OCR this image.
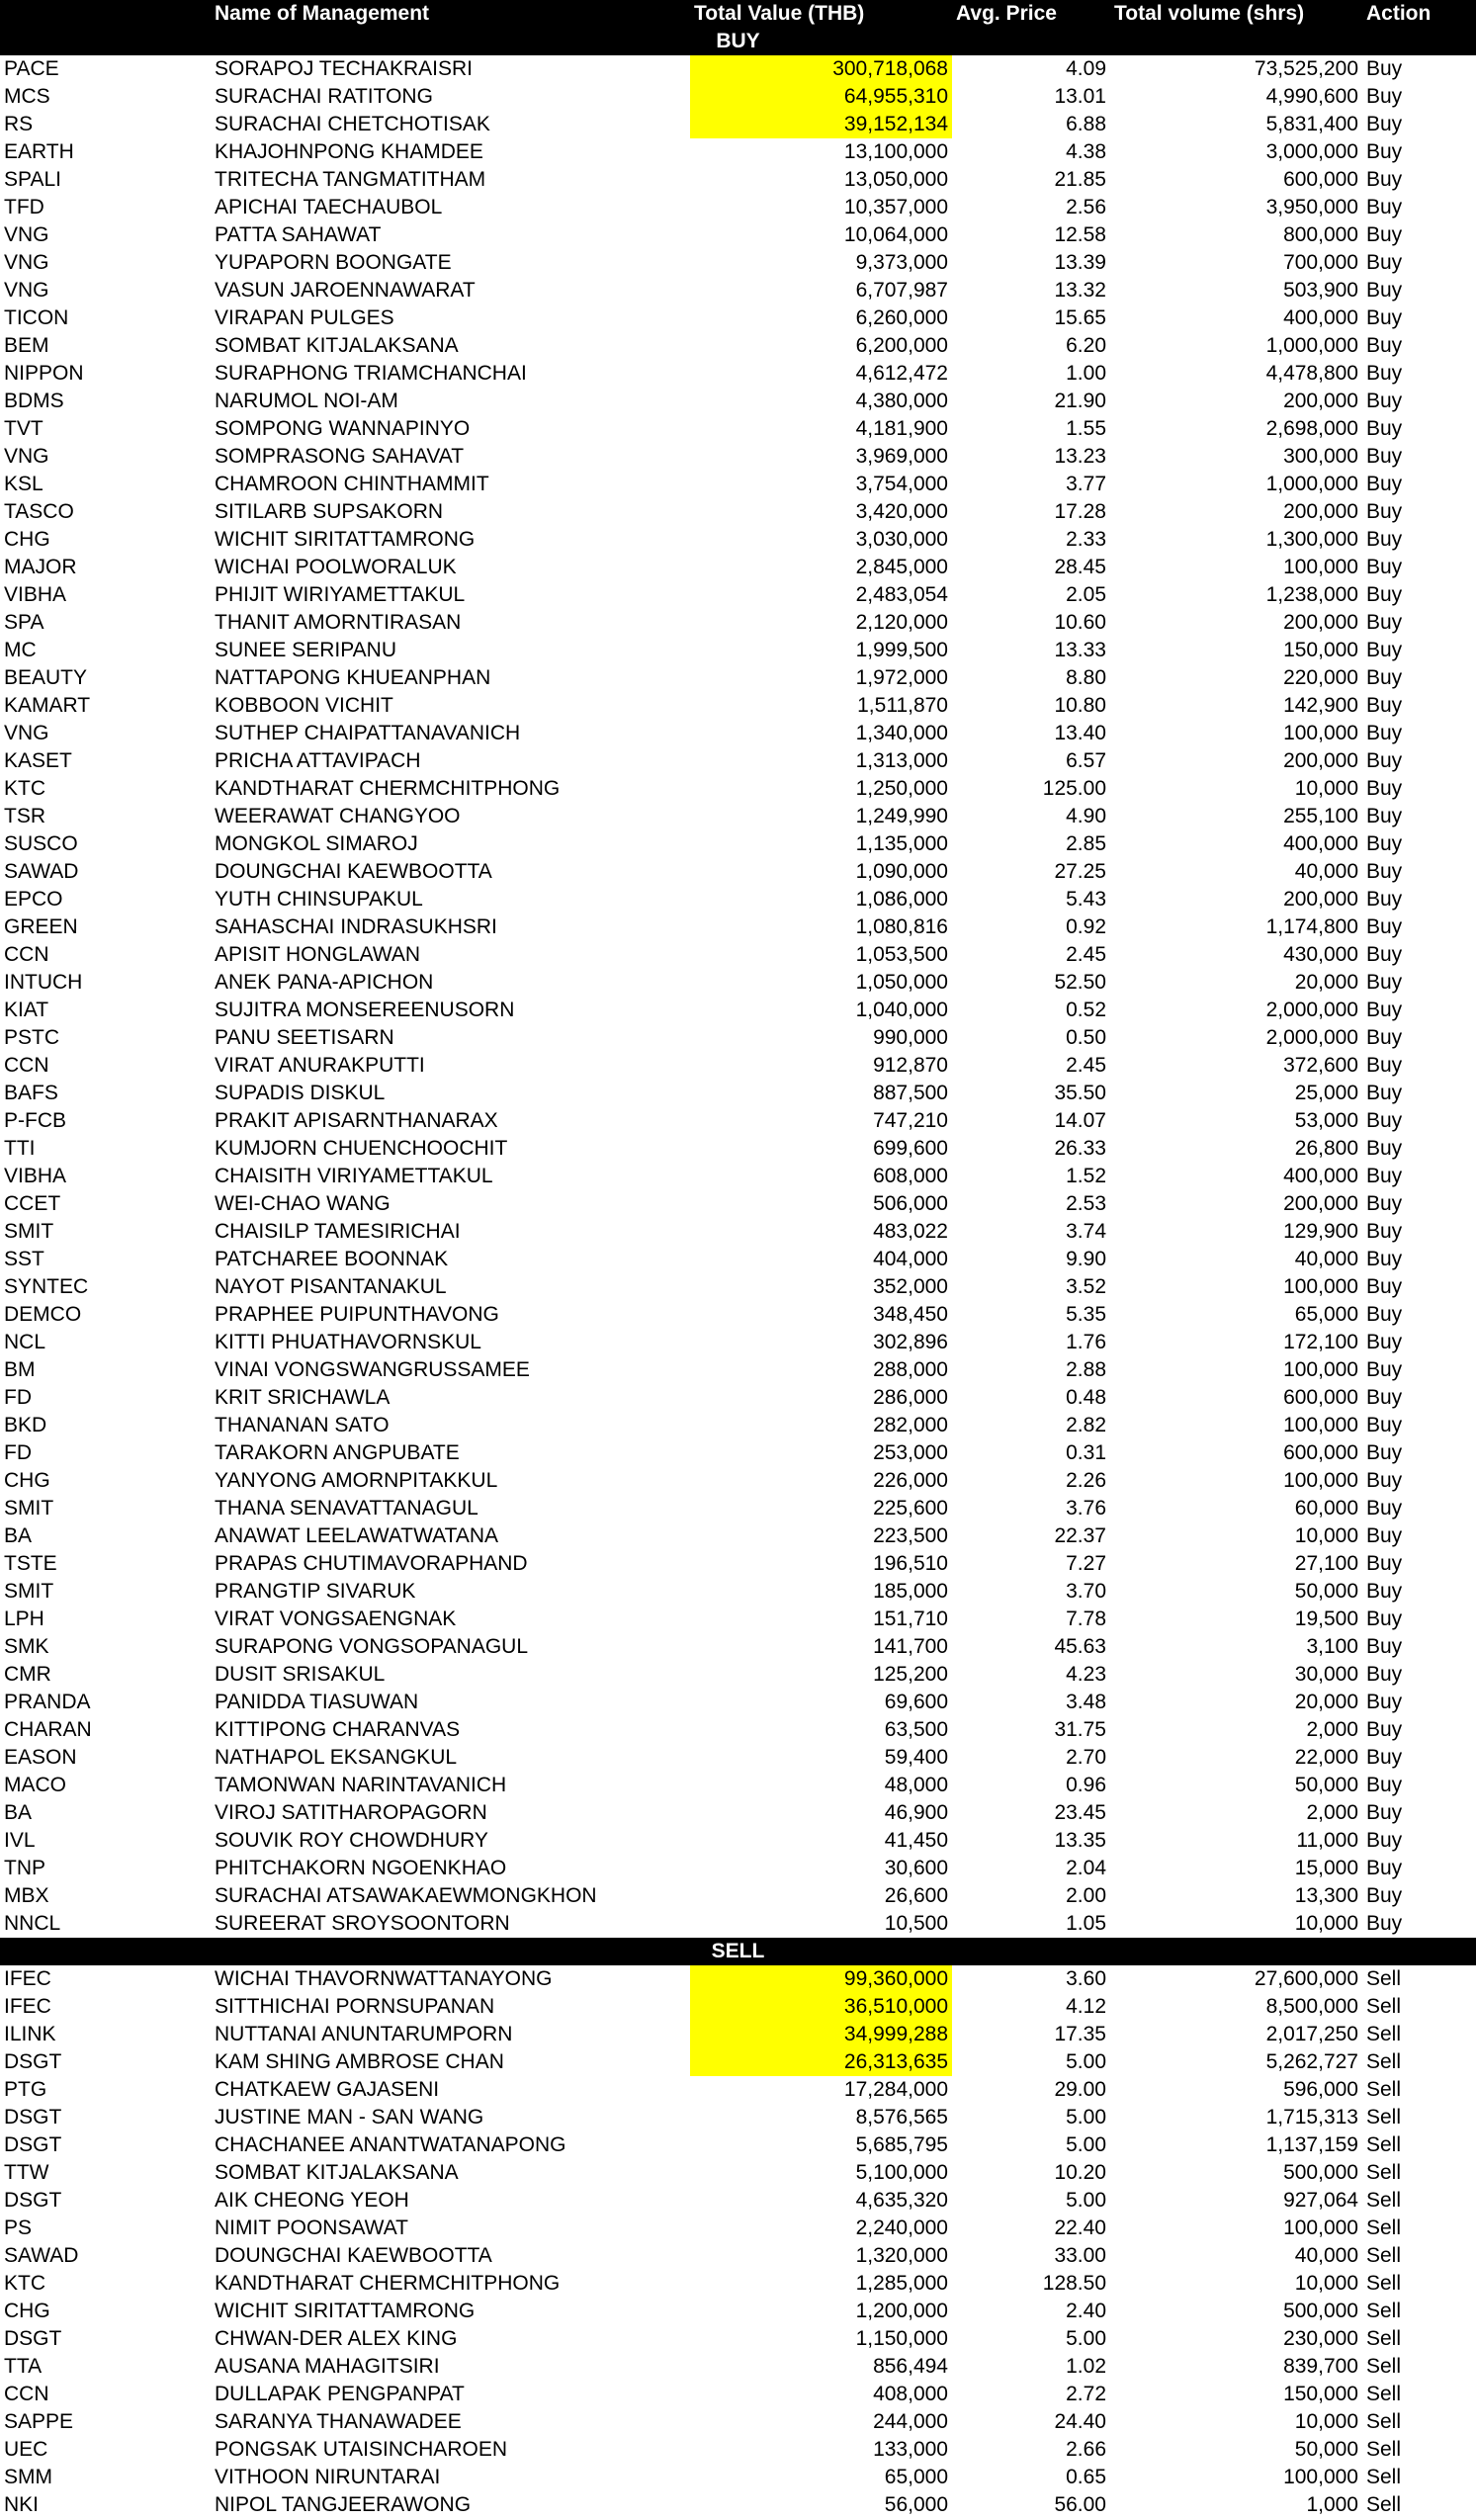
	Name of Management	Total Value (THB)	Avg. Price	Total volume (shrs)	Action
BUY					
PACE	SORAPOJ TECHAKRAISRI	300,718,068	4.09	73,525,200	Buy
MCS	SURACHAI RATITONG	64,955,310	13.01	4,990,600	Buy
RS	SURACHAI CHETCHOTISAK	39,152,134	6.88	5,831,400	Buy
EARTH	KHAJOHNPONG KHAMDEE	13,100,000	4.38	3,000,000	Buy
SPALI	TRITECHA TANGMATITHAM	13,050,000	21.85	600,000	Buy
TFD	APICHAI TAECHAUBOL	10,357,000	2.56	3,950,000	Buy
VNG	PATTA SAHAWAT	10,064,000	12.58	800,000	Buy
VNG	YUPAPORN BOONGATE	9,373,000	13.39	700,000	Buy
VNG	VASUN JAROENNAWARAT	6,707,987	13.32	503,900	Buy
TICON	VIRAPAN PULGES	6,260,000	15.65	400,000	Buy
BEM	SOMBAT KITJALAKSANA	6,200,000	6.20	1,000,000	Buy
NIPPON	SURAPHONG TRIAMCHANCHAI	4,612,472	1.00	4,478,800	Buy
BDMS	NARUMOL NOI-AM	4,380,000	21.90	200,000	Buy
TVT	SOMPONG WANNAPINYO	4,181,900	1.55	2,698,000	Buy
VNG	SOMPRASONG SAHAVAT	3,969,000	13.23	300,000	Buy
KSL	CHAMROON CHINTHAMMIT	3,754,000	3.77	1,000,000	Buy
TASCO	SITILARB SUPSAKORN	3,420,000	17.28	200,000	Buy
CHG	WICHIT SIRITATTAMRONG	3,030,000	2.33	1,300,000	Buy
MAJOR	WICHAI POOLWORALUK	2,845,000	28.45	100,000	Buy
VIBHA	PHIJIT WIRIYAMETTAKUL	2,483,054	2.05	1,238,000	Buy
SPA	THANIT AMORNTIRASAN	2,120,000	10.60	200,000	Buy
MC	SUNEE SERIPANU	1,999,500	13.33	150,000	Buy
BEAUTY	NATTAPONG KHUEANPHAN	1,972,000	8.80	220,000	Buy
KAMART	KOBBOON VICHIT	1,511,870	10.80	142,900	Buy
VNG	SUTHEP CHAIPATTANAVANICH	1,340,000	13.40	100,000	Buy
KASET	PRICHA ATTAVIPACH	1,313,000	6.57	200,000	Buy
KTC	KANDTHARAT CHERMCHITPHONG	1,250,000	125.00	10,000	Buy
TSR	WEERAWAT CHANGYOO	1,249,990	4.90	255,100	Buy
SUSCO	MONGKOL SIMAROJ	1,135,000	2.85	400,000	Buy
SAWAD	DOUNGCHAI KAEWBOOTTA	1,090,000	27.25	40,000	Buy
EPCO	YUTH CHINSUPAKUL	1,086,000	5.43	200,000	Buy
GREEN	SAHASCHAI INDRASUKHSRI	1,080,816	0.92	1,174,800	Buy
CCN	APISIT HONGLAWAN	1,053,500	2.45	430,000	Buy
INTUCH	ANEK PANA-APICHON	1,050,000	52.50	20,000	Buy
KIAT	SUJITRA MONSEREENUSORN	1,040,000	0.52	2,000,000	Buy
PSTC	PANU SEETISARN	990,000	0.50	2,000,000	Buy
CCN	VIRAT ANURAKPUTTI	912,870	2.45	372,600	Buy
BAFS	SUPADIS DISKUL	887,500	35.50	25,000	Buy
P-FCB	PRAKIT APISARNTHANARAX	747,210	14.07	53,000	Buy
TTI	KUMJORN CHUENCHOOCHIT	699,600	26.33	26,800	Buy
VIBHA	CHAISITH VIRIYAMETTAKUL	608,000	1.52	400,000	Buy
CCET	WEI-CHAO WANG	506,000	2.53	200,000	Buy
SMIT	CHAISILP TAMESIRICHAI	483,022	3.74	129,900	Buy
SST	PATCHAREE BOONNAK	404,000	9.90	40,000	Buy
SYNTEC	NAYOT PISANTANAKUL	352,000	3.52	100,000	Buy
DEMCO	PRAPHEE PUIPUNTHAVONG	348,450	5.35	65,000	Buy
NCL	KITTI PHUATHAVORNSKUL	302,896	1.76	172,100	Buy
BM	VINAI VONGSWANGRUSSAMEE	288,000	2.88	100,000	Buy
FD	KRIT SRICHAWLA	286,000	0.48	600,000	Buy
BKD	THANANAN SATO	282,000	2.82	100,000	Buy
FD	TARAKORN ANGPUBATE	253,000	0.31	600,000	Buy
CHG	YANYONG AMORNPITAKKUL	226,000	2.26	100,000	Buy
SMIT	THANA SENAVATTANAGUL	225,600	3.76	60,000	Buy
BA	ANAWAT LEELAWATWATANA	223,500	22.37	10,000	Buy
TSTE	PRAPAS CHUTIMAVORAPHAND	196,510	7.27	27,100	Buy
SMIT	PRANGTIP SIVARUK	185,000	3.70	50,000	Buy
LPH	VIRAT VONGSAENGNAK	151,710	7.78	19,500	Buy
SMK	SURAPONG VONGSOPANAGUL	141,700	45.63	3,100	Buy
CMR	DUSIT SRISAKUL	125,200	4.23	30,000	Buy
PRANDA	PANIDDA TIASUWAN	69,600	3.48	20,000	Buy
CHARAN	KITTIPONG CHARANVAS	63,500	31.75	2,000	Buy
EASON	NATHAPOL EKSANGKUL	59,400	2.70	22,000	Buy
MACO	TAMONWAN NARINTAVANICH	48,000	0.96	50,000	Buy
BA	VIROJ SATITHAROPAGORN	46,900	23.45	2,000	Buy
IVL	SOUVIK ROY CHOWDHURY	41,450	13.35	11,000	Buy
TNP	PHITCHAKORN NGOENKHAO	30,600	2.04	15,000	Buy
MBX	SURACHAI ATSAWAKAEWMONGKHON	26,600	2.00	13,300	Buy
NNCL	SUREERAT SROYSOONTORN	10,500	1.05	10,000	Buy
SELL					
IFEC	WICHAI THAVORNWATTANAYONG	99,360,000	3.60	27,600,000	Sell
IFEC	SITTHICHAI PORNSUPANAN	36,510,000	4.12	8,500,000	Sell
ILINK	NUTTANAI ANUNTARUMPORN	34,999,288	17.35	2,017,250	Sell
DSGT	KAM SHING AMBROSE CHAN	26,313,635	5.00	5,262,727	Sell
PTG	CHATKAEW GAJASENI	17,284,000	29.00	596,000	Sell
DSGT	JUSTINE MAN - SAN WANG	8,576,565	5.00	1,715,313	Sell
DSGT	CHACHANEE ANANTWATANAPONG	5,685,795	5.00	1,137,159	Sell
TTW	SOMBAT KITJALAKSANA	5,100,000	10.20	500,000	Sell
DSGT	AIK CHEONG YEOH	4,635,320	5.00	927,064	Sell
PS	NIMIT POONSAWAT	2,240,000	22.40	100,000	Sell
SAWAD	DOUNGCHAI KAEWBOOTTA	1,320,000	33.00	40,000	Sell
KTC	KANDTHARAT CHERMCHITPHONG	1,285,000	128.50	10,000	Sell
CHG	WICHIT SIRITATTAMRONG	1,200,000	2.40	500,000	Sell
DSGT	CHWAN-DER ALEX KING	1,150,000	5.00	230,000	Sell
TTA	AUSANA MAHAGITSIRI	856,494	1.02	839,700	Sell
CCN	DULLAPAK PENGPANPAT	408,000	2.72	150,000	Sell
SAPPE	SARANYA THANAWADEE	244,000	24.40	10,000	Sell
UEC	PONGSAK UTAISINCHAROEN	133,000	2.66	50,000	Sell
SMM	VITHOON NIRUNTARAI	65,000	0.65	100,000	Sell
NKI	NIPOL TANGJEERAWONG	56,000	56.00	1,000	Sell
